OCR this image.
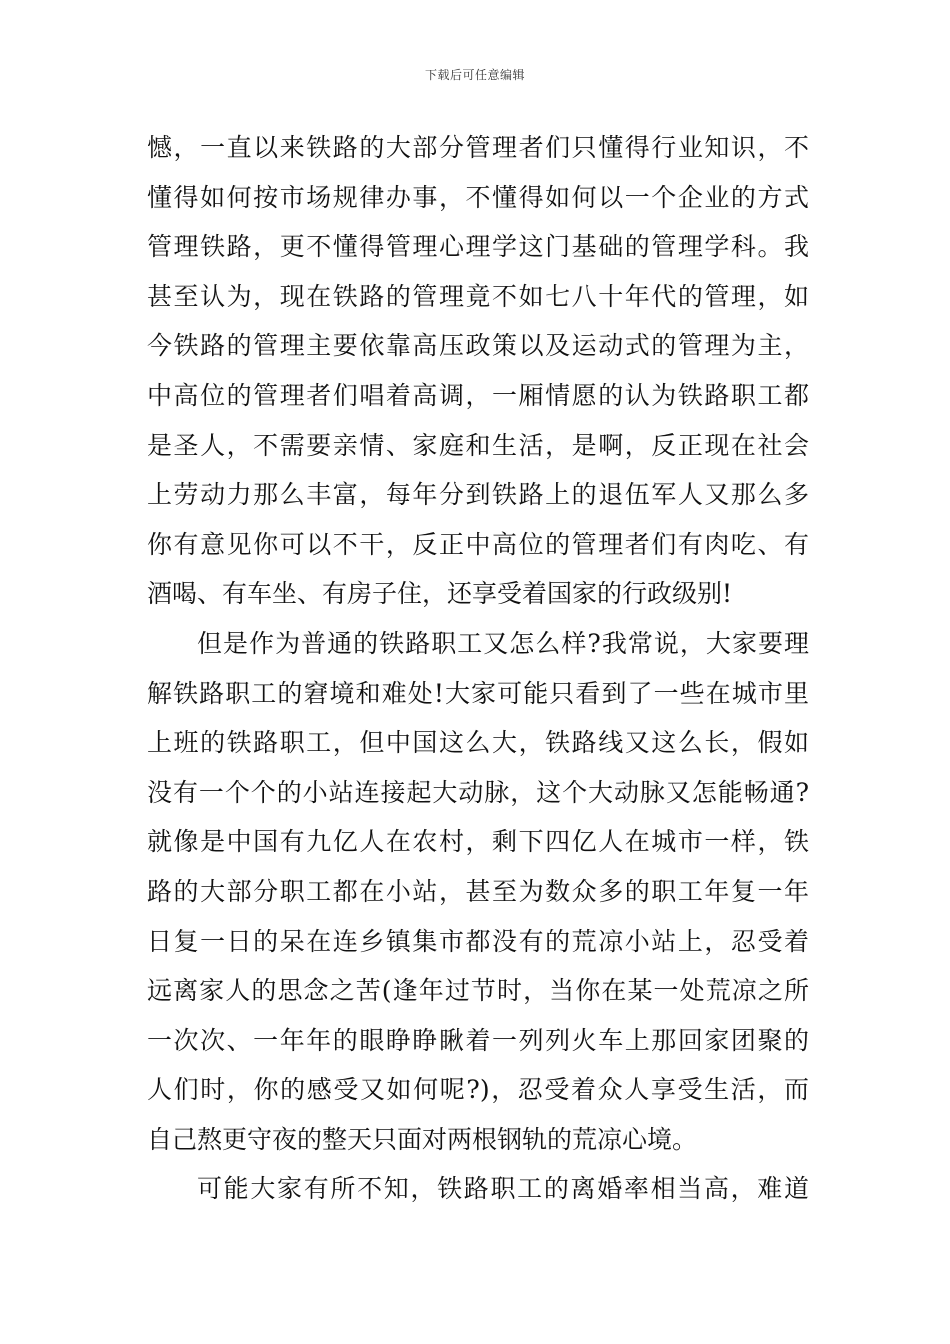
下载后可任意编辑
憾，一直以来铁路的大部分管理者们只懂得行业知识，不
懂得如何按市场规律办事，不懂得如何以一个企业的方式
管理铁路，更不懂得管理心理学这门基础的管理学科。我
甚至认为，现在铁路的管理竟不如七八十年代的管理，如
今铁路的管理主要依靠高压政策以及运动式的管理为主，
中高位的管理者们唱着高调，一厢情愿的认为铁路职工都
是圣人，不需要亲情、家庭和生活，是啊，反正现在社会
上劳动力那么丰富，每年分到铁路上的退伍军人又那么多
你有意见你可以不干，反正中高位的管理者们有肉吃、有
酒喝、有车坐、有房子住，还享受着国家的行政级别!
但是作为普通的铁路职工又怎么样?我常说，大家要理
解铁路职工的窘境和难处!大家可能只看到了一些在城市里
上班的铁路职工，但中国这么大，铁路线又这么长，假如
没有一个个的小站连接起大动脉，这个大动脉又怎能畅通?
就像是中国有九亿人在农村，剩下四亿人在城市一样，铁
路的大部分职工都在小站，甚至为数众多的职工年复一年
日复一日的呆在连乡镇集市都没有的荒凉小站上，忍受着
远离家人的思念之苦(逢年过节时，当你在某一处荒凉之所
一次次、一年年的眼睁睁瞅着一列列火车上那回家团聚的
人们时，你的感受又如何呢?)，忍受着众人享受生活，而
自己熬更守夜的整天只面对两根钢轨的荒凉心境。
可能大家有所不知，铁路职工的离婚率相当高，难道
